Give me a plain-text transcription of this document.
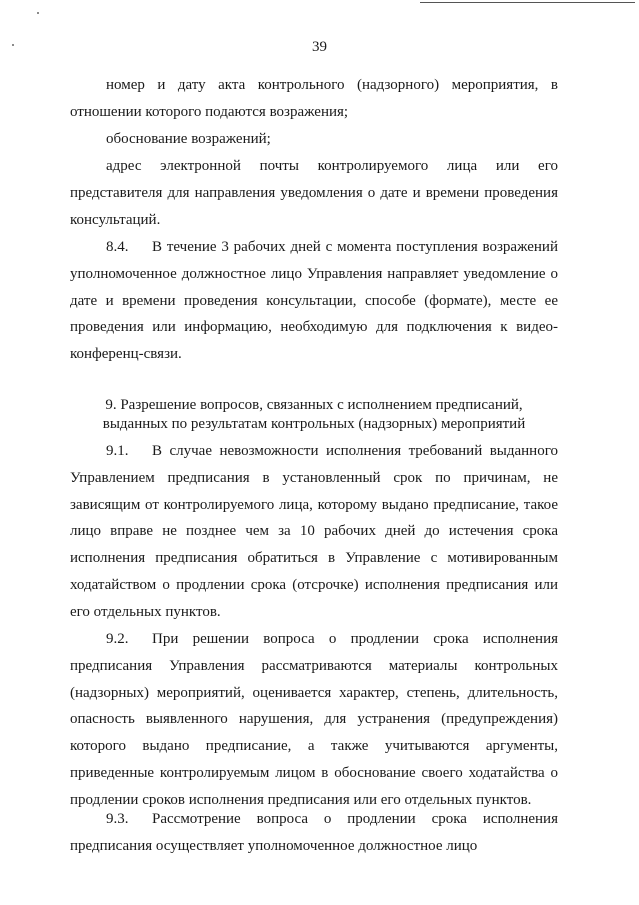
39

номер и дату акта контрольного (надзорного) мероприятия, в отношении которого подаются возражения;

обоснование возражений;

адрес электронной почты контролируемого лица или его представителя для направления уведомления о дате и времени проведения консультаций.

8.4. В течение 3 рабочих дней с момента поступления возражений уполномоченное должностное лицо Управления направляет уведомление о дате и времени проведения консультации, способе (формате), месте ее проведения или информацию, необходимую для подключения к видео-конференц-связи.

9. Разрешение вопросов, связанных с исполнением предписаний,
выданных по результатам контрольных (надзорных) мероприятий

9.1. В случае невозможности исполнения требований выданного Управлением предписания в установленный срок по причинам, не зависящим от контролируемого лица, которому выдано предписание, такое лицо вправе не позднее чем за 10 рабочих дней до истечения срока исполнения предписания обратиться в Управление с мотивированным ходатайством о продлении срока (отсрочке) исполнения предписания или его отдельных пунктов.

9.2. При решении вопроса о продлении срока исполнения предписания Управления рассматриваются материалы контрольных (надзорных) мероприятий, оценивается характер, степень, длительность, опасность выявленного нарушения, для устранения (предупреждения) которого выдано предписание, а также учитываются аргументы, приведенные контролируемым лицом в обоснование своего ходатайства о продлении сроков исполнения предписания или его отдельных пунктов.

9.3. Рассмотрение вопроса о продлении срока исполнения предписания осуществляет уполномоченное должностное лицо
